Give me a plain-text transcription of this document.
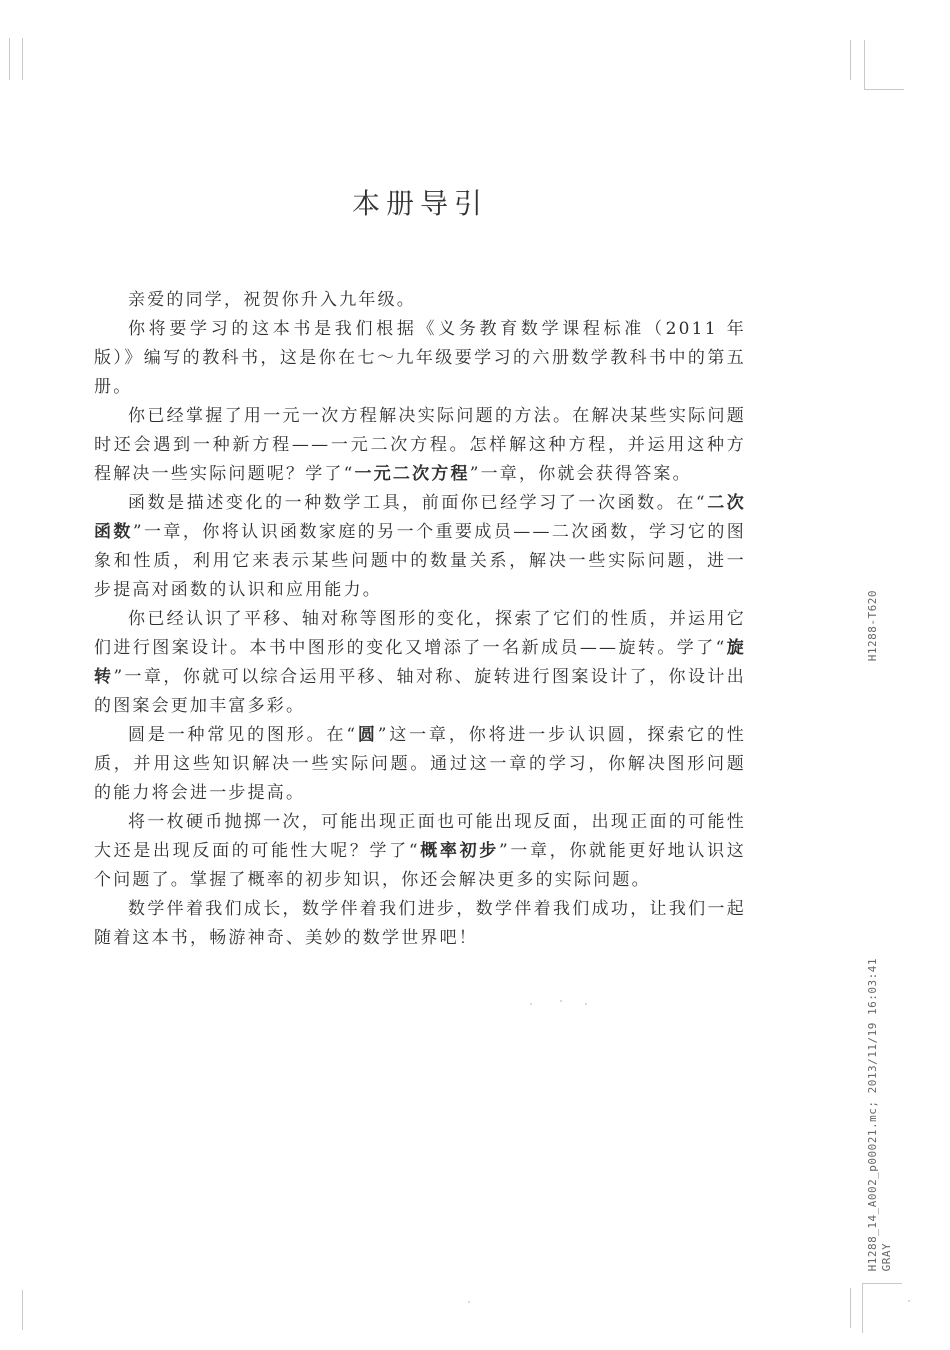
本册导引

亲爱的同学，祝贺你升入九年级。

你将要学习的这本书是我们根据《义务教育数学课程标准（2011 年版）》编写的教科书，这是你在七～九年级要学习的六册数学教科书中的第五册。

你已经掌握了用一元一次方程解决实际问题的方法。在解决某些实际问题时还会遇到一种新方程——一元二次方程。怎样解这种方程，并运用这种方程解决一些实际问题呢？学了“一元二次方程”一章，你就会获得答案。

函数是描述变化的一种数学工具，前面你已经学习了一次函数。在“二次函数”一章，你将认识函数家庭的另一个重要成员——二次函数，学习它的图象和性质，利用它来表示某些问题中的数量关系，解决一些实际问题，进一步提高对函数的认识和应用能力。

你已经认识了平移、轴对称等图形的变化，探索了它们的性质，并运用它们进行图案设计。本书中图形的变化又增添了一名新成员——旋转。学了“旋转”一章，你就可以综合运用平移、轴对称、旋转进行图案设计了，你设计出的图案会更加丰富多彩。

圆是一种常见的图形。在“圆”这一章，你将进一步认识圆，探索它的性质，并用这些知识解决一些实际问题。通过这一章的学习，你解决图形问题的能力将会进一步提高。

将一枚硬币抛掷一次，可能出现正面也可能出现反面，出现正面的可能性大还是出现反面的可能性大呢？学了“概率初步”一章，你就能更好地认识这个问题了。掌握了概率的初步知识，你还会解决更多的实际问题。

数学伴着我们成长，数学伴着我们进步，数学伴着我们成功，让我们一起随着这本书，畅游神奇、美妙的数学世界吧！

H1288-T620
H1288_14_A002_p00021.mc; 2013/11/19 16:03:41 GRAY
